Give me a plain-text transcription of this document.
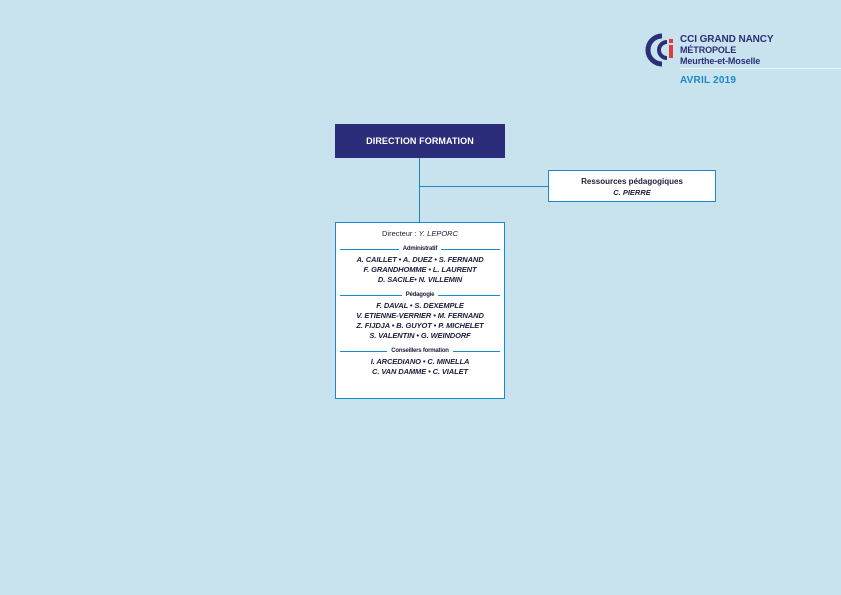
CCI GRAND NANCY
MÉTROPOLE
Meurthe-et-Moselle
AVRIL 2019
DIRECTION FORMATION
Ressources pédagogiques
C. PIERRE
Directeur : Y. LEPORC
Administratif
A. CAILLET • A. DUEZ • S. FERNAND
F. GRANDHOMME • L. LAURENT
D. SACILE• N. VILLEMIN
Pédagogie
F. DAVAL • S. DEXEMPLE
V. ETIENNE-VERRIER • M. FERNAND
Z. FIJDJA • B. GUYOT • P. MICHELET
S. VALENTIN • G. WEINDORF
Conseillers formation
I. ARCEDIANO • C. MINELLA
C. VAN DAMME • C. VIALET
